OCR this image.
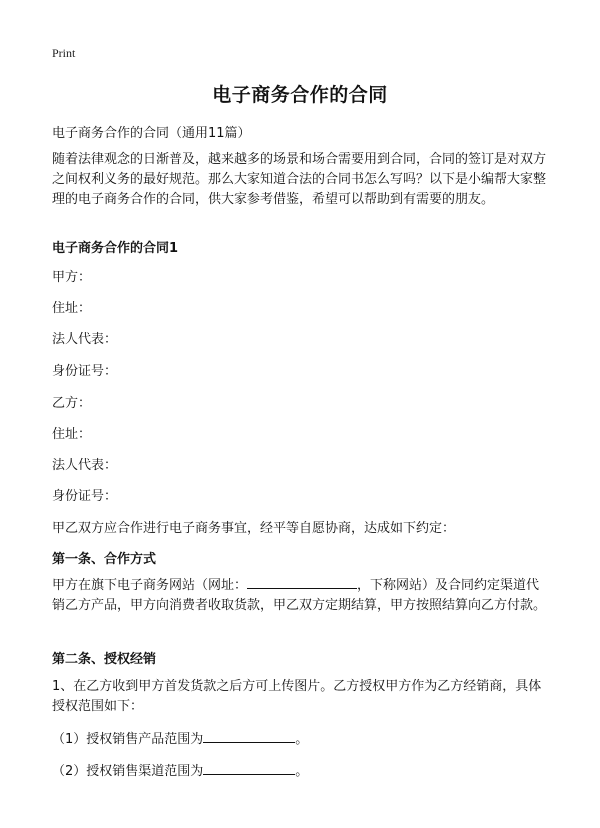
Print
电子商务合作的合同
电子商务合作的合同（通用11篇）
随着法律观念的日渐普及，越来越多的场景和场合需要用到合同，合同的签订是对双方之间权利义务的最好规范。那么大家知道合法的合同书怎么写吗？以下是小编帮大家整理的电子商务合作的合同，供大家参考借鉴，希望可以帮助到有需要的朋友。
电子商务合作的合同1
甲方：
住址：
法人代表：
身份证号：
乙方：
住址：
法人代表：
身份证号：
甲乙双方应合作进行电子商务事宜，经平等自愿协商，达成如下约定：
第一条、合作方式
甲方在旗下电子商务网站（网址：	，下称网站）及合同约定渠道代销乙方产品，甲方向消费者收取货款，甲乙双方定期结算，甲方按照结算向乙方付款。
第二条、授权经销
1、在乙方收到甲方首发货款之后方可上传图片。乙方授权甲方作为乙方经销商，具体授权范围如下：
（1）授权销售产品范围为	。
（2）授权销售渠道范围为	。
